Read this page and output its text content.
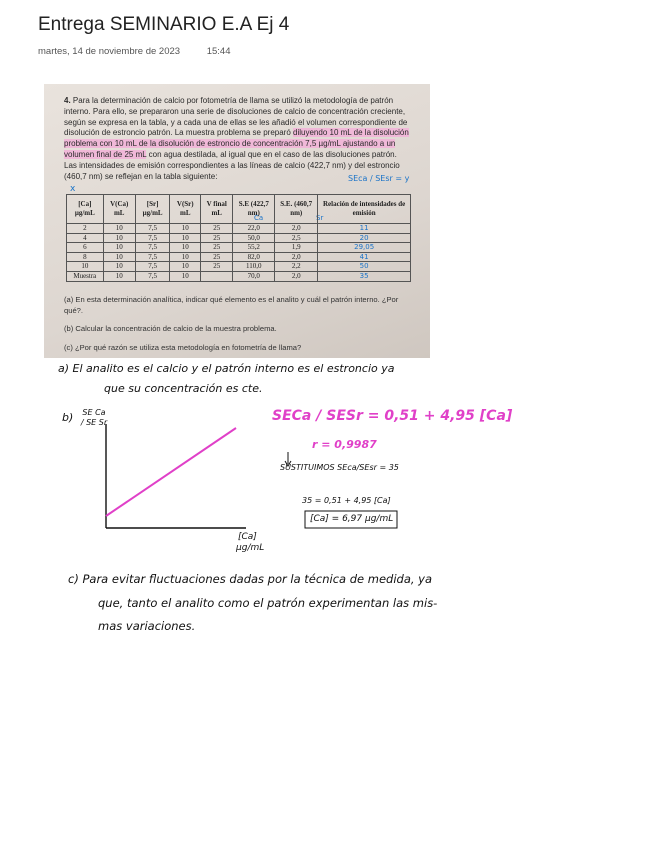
Entrega SEMINARIO E.A Ej 4
martes, 14 de noviembre de 2023	15:44
4. Para la determinación de calcio por fotometría de llama se utilizó la metodología de patrón interno. Para ello, se prepararon una serie de disoluciones de calcio de concentración creciente, según se expresa en la tabla, y a cada una de ellas se les añadió el volumen correspondiente de disolución de estroncio patrón. La muestra problema se preparó diluyendo 10 mL de la disolución problema con 10 mL de la disolución de estroncio de concentración 7,5 µg/mL ajustando a un volumen final de 25 mL con agua destilada, al igual que en el caso de las disoluciones patrón. Las intensidades de emisión correspondientes a las líneas de calcio (422,7 nm) y del estroncio (460,7 nm) se reflejan en la tabla siguiente:	SEca / SEsr = y
x
Ca	Sr
[Ca] µg/mL	V(Ca) mL	[Sr] µg/mL	V(Sr) mL	V final mL	S.E (422,7 nm)	S.E. (460,7 nm)	Relación de intensidades de emisión
2	10	7,5	10	25	22,0	2,0	11
4	10	7,5	10	25	50,0	2,5	20
6	10	7,5	10	25	55,2	1,9	29,05
8	10	7,5	10	25	82,0	2,0	41
10	10	7,5	10	25	110,0	2,2	50
Muestra	10	7,5	10		70,0	2,0	35
(a) En esta determinación analítica, indicar qué elemento es el analito y cuál el patrón interno. ¿Por qué?.
(b) Calcular la concentración de calcio de la muestra problema.
(c) ¿Por qué razón se utiliza esta metodología en fotometría de llama?
a) El analito es el calcio y el patrón interno es el estroncio ya
que su concentración es cte.
b)	SE Ca / SE Sr
[Ca]
µg/mL
SECa / SESr = 0,51 + 4,95 [Ca]
r = 0,9987
SUSTITUIMOS SEca/SEsr = 35
35 = 0,51 + 4,95 [Ca]
[Ca] = 6,97 µg/mL
c) Para evitar fluctuaciones dadas por la técnica de medida, ya
que, tanto el analito como el patrón experimentan las mis-
mas variaciones.
